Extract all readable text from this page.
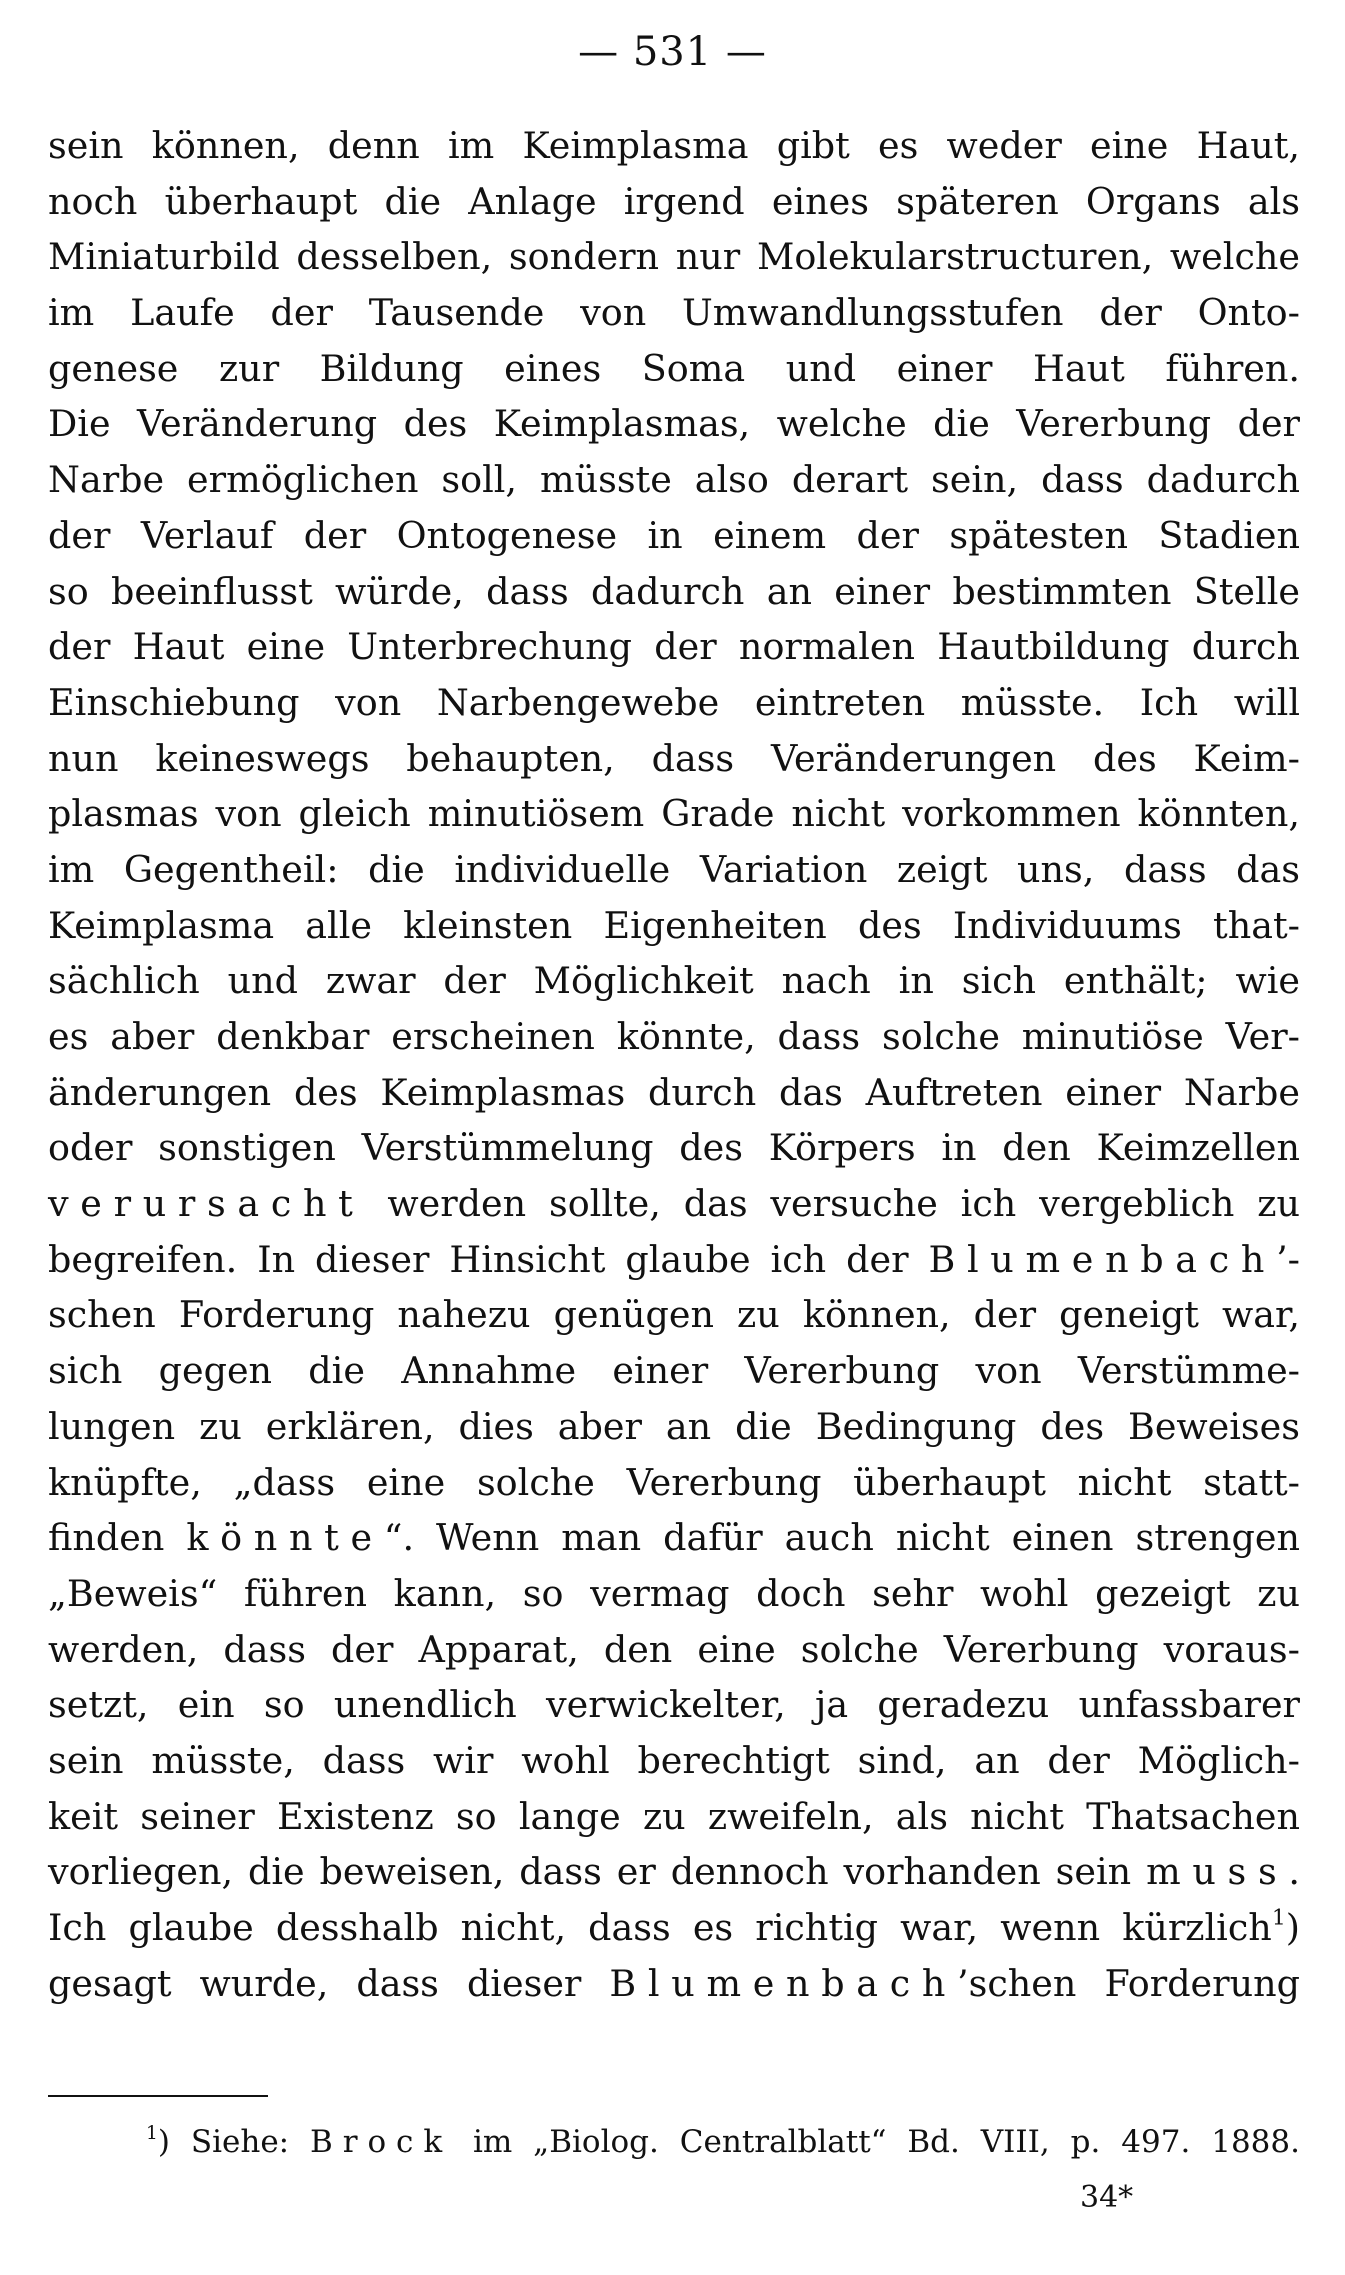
— 531 —
sein können, denn im Keimplasma gibt es weder eine Haut,
noch überhaupt die Anlage irgend eines späteren Organs als
Miniaturbild desselben, sondern nur Molekularstructuren, welche
im Laufe der Tausende von Umwandlungsstufen der Onto-
genese zur Bildung eines Soma und einer Haut führen.
Die Veränderung des Keimplasmas, welche die Vererbung der
Narbe ermöglichen soll, müsste also derart sein, dass dadurch
der Verlauf der Ontogenese in einem der spätesten Stadien
so beeinflusst würde, dass dadurch an einer bestimmten Stelle
der Haut eine Unterbrechung der normalen Hautbildung durch
Einschiebung von Narbengewebe eintreten müsste. Ich will
nun keineswegs behaupten, dass Veränderungen des Keim-
plasmas von gleich minutiösem Grade nicht vorkommen könnten,
im Gegentheil: die individuelle Variation zeigt uns, dass das
Keimplasma alle kleinsten Eigenheiten des Individuums that-
sächlich und zwar der Möglichkeit nach in sich enthält; wie
es aber denkbar erscheinen könnte, dass solche minutiöse Ver-
änderungen des Keimplasmas durch das Auftreten einer Narbe
oder sonstigen Verstümmelung des Körpers in den Keimzellen
verursacht werden sollte, das versuche ich vergeblich zu
begreifen. In dieser Hinsicht glaube ich der Blumenbach’-
schen Forderung nahezu genügen zu können, der geneigt war,
sich gegen die Annahme einer Vererbung von Verstümme-
lungen zu erklären, dies aber an die Bedingung des Beweises
knüpfte, „dass eine solche Vererbung überhaupt nicht statt-
finden könnte“. Wenn man dafür auch nicht einen strengen
„Beweis“ führen kann, so vermag doch sehr wohl gezeigt zu
werden, dass der Apparat, den eine solche Vererbung voraus-
setzt, ein so unendlich verwickelter, ja geradezu unfassbarer
sein müsste, dass wir wohl berechtigt sind, an der Möglich-
keit seiner Existenz so lange zu zweifeln, als nicht Thatsachen
vorliegen, die beweisen, dass er dennoch vorhanden sein muss.
Ich glaube desshalb nicht, dass es richtig war, wenn kürzlich$^1$)
gesagt wurde, dass dieser Blumenbach’schen Forderung
$^1$) Siehe: Brock im „Biolog. Centralblatt“ Bd. VIII, p. 497. 1888.
34*
